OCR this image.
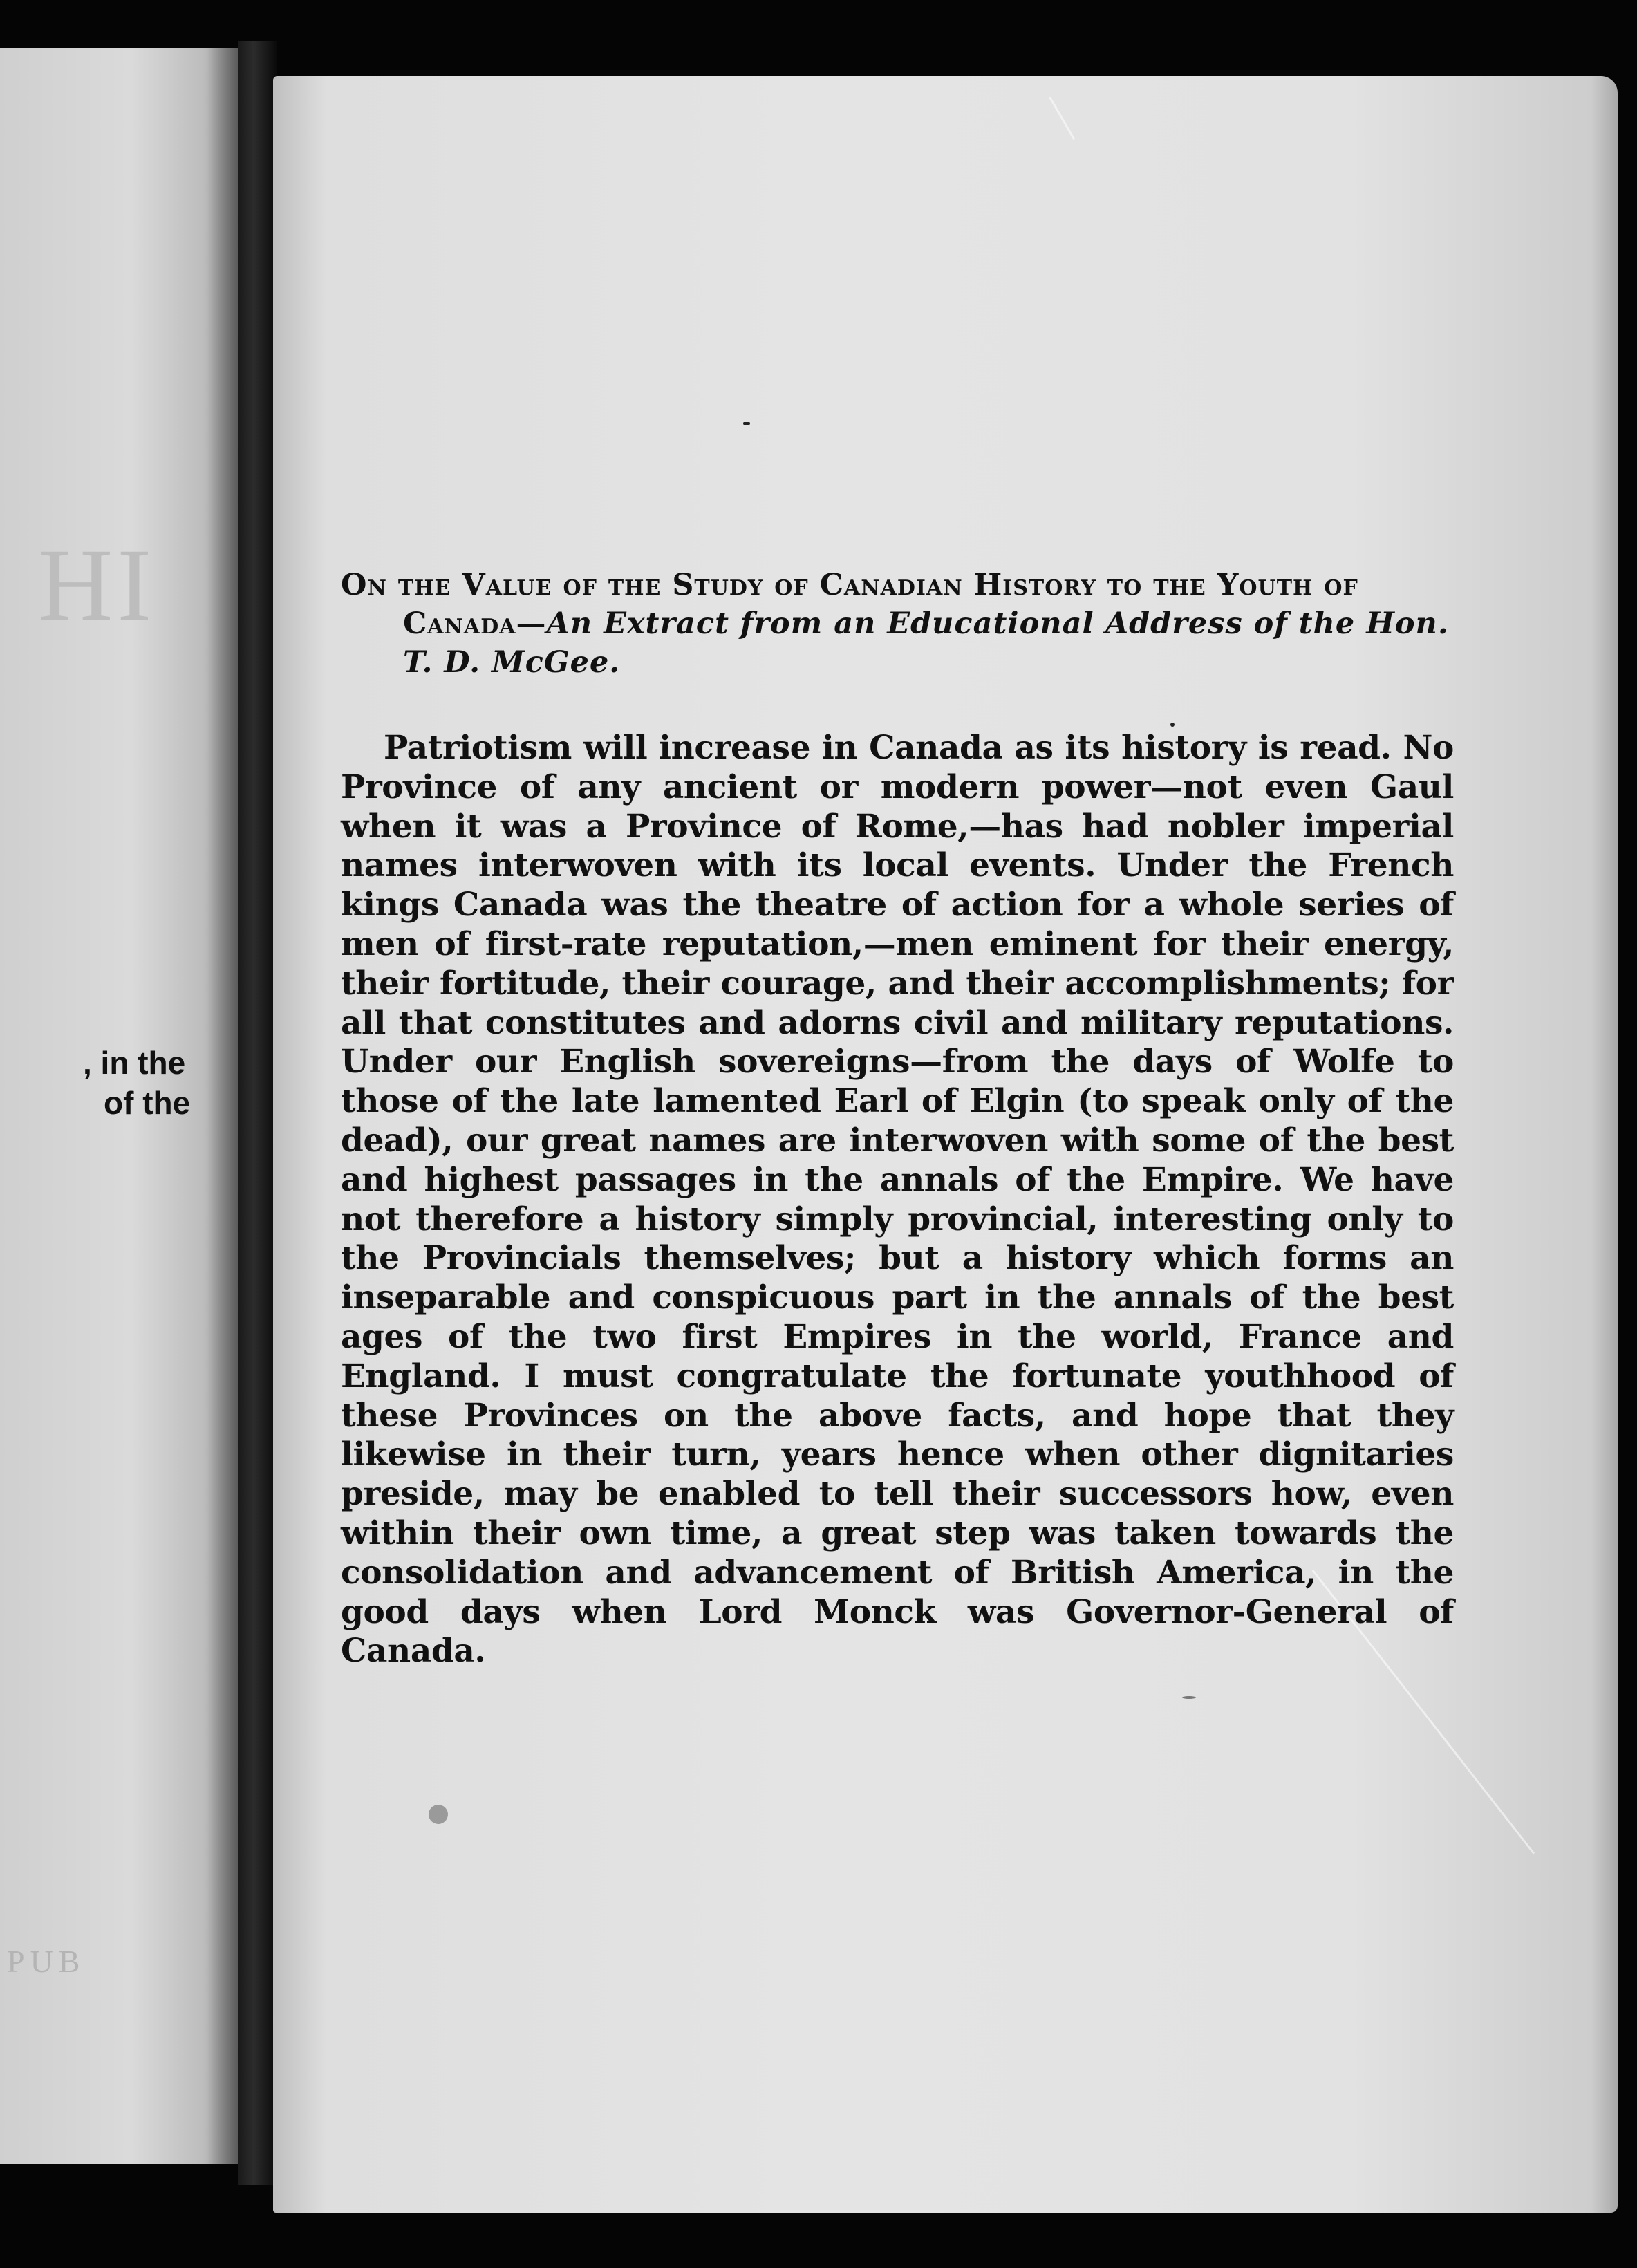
HI
, in the
of the
PUB

On the Value of the Study of Canadian History to the Youth of Canada—An Extract from an Educational Address of the Hon. T. D. McGee.

Patriotism will increase in Canada as its history is read. No Province of any ancient or modern power—not even Gaul when it was a Province of Rome,—has had nobler imperial names interwoven with its local events. Under the French kings Canada was the theatre of action for a whole series of men of first-rate reputation,—men eminent for their energy, their fortitude, their courage, and their accomplishments; for all that constitutes and adorns civil and military reputations. Under our English sovereigns—from the days of Wolfe to those of the late lamented Earl of Elgin (to speak only of the dead), our great names are interwoven with some of the best and highest passages in the annals of the Empire. We have not therefore a history simply provincial, interesting only to the Provincials themselves; but a history which forms an inseparable and conspicuous part in the annals of the best ages of the two first Empires in the world, France and England. I must congratulate the fortunate youthhood of these Provinces on the above facts, and hope that they likewise in their turn, years hence when other dignitaries preside, may be enabled to tell their successors how, even within their own time, a great step was taken towards the consolidation and advancement of British America, in the good days when Lord Monck was Governor-General of Canada.
